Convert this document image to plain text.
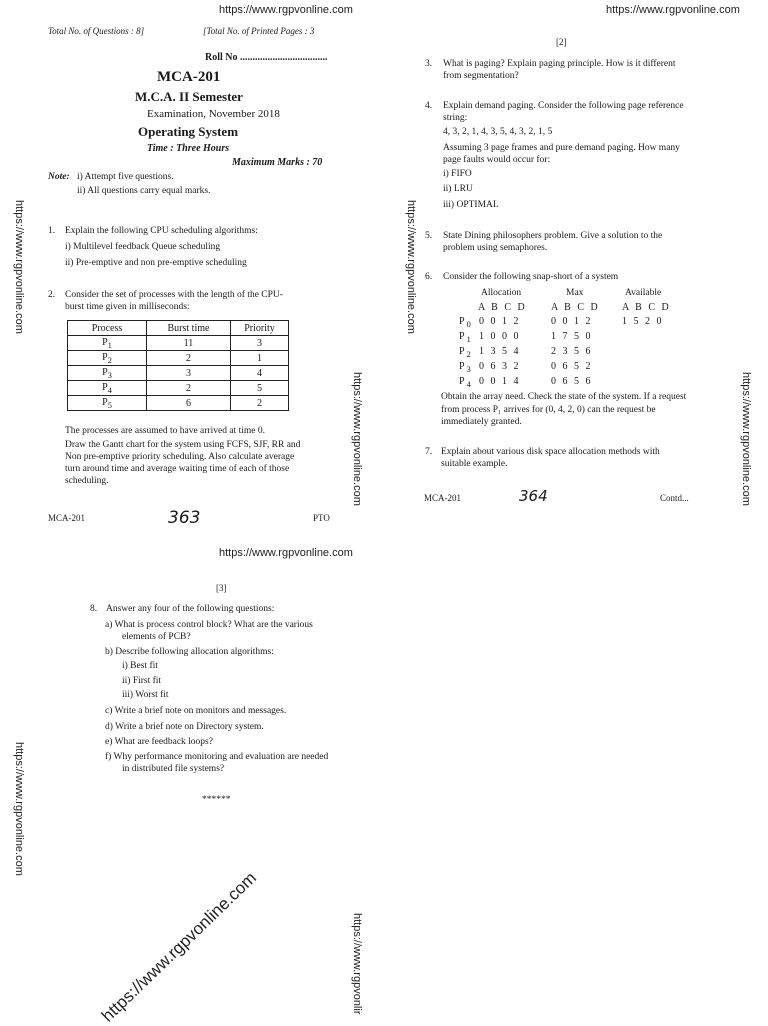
https://www.rgpvonline.com
Total No. of Questions : 8]	[Total No. of Printed Pages : 3
Roll No ...................................
MCA-201
M.C.A. II Semester
Examination, November 2018
Operating System
Time : Three Hours
Maximum Marks : 70
Note: i) Attempt five questions.
ii) All questions carry equal marks.
1. Explain the following CPU scheduling algorithms:
i) Multilevel feedback Queue scheduling
ii) Pre-emptive and non pre-emptive scheduling
2. Consider the set of processes with the length of the CPU-
burst time given in milliseconds:
Process	Burst time	Priority
$P_1$	11	3
$P_2$	2	1
$P_3$	3	4
$P_4$	2	5
$P_5$	6	2
The processes are assumed to have arrived at time 0.
Draw the Gantt chart for the system using FCFS, SJF, RR and
Non pre-emptive priority scheduling. Also calculate average
turn around time and average waiting time of each of those
scheduling.
MCA-201	363	PTO
https://www.rgpvonline.com
[2]
3. What is paging? Explain paging principle. How is it different
from segmentation?
4. Explain demand paging. Consider the following page reference
string:
4, 3, 2, 1, 4, 3, 5, 4, 3, 2, 1, 5
Assuming 3 page frames and pure demand paging. How many
page faults would occur for:
i) FIFO
ii) LRU
iii) OPTIMAL
5. State Dining philosophers problem. Give a solution to the
problem using semaphores.
6. Consider the following snap-short of a system
Allocation	Max	Available
A B C D A B C D A B C D
$P_0$ 0 0 1 2	0 0 1 2	1 5 2 0
$P_1$ 1 0 0 0	1 7 5 0
$P_2$ 1 3 5 4	2 3 5 6
$P_3$ 0 6 3 2	0 6 5 2
$P_4$ 0 0 1 4	0 6 5 6
Obtain the array need. Check the state of the system. If a request
from process P₁ arrives for (0, 4, 2, 0) can the request be
immediately granted.
7. Explain about various disk space allocation methods with
suitable example.
MCA-201	364	Contd...
https://www.rgpvonline.com
[3]
8. Answer any four of the following questions:
a) What is process control block? What are the various
elements of PCB?
b) Describe following allocation algorithms:
i) Best fit
ii) First fit
iii) Worst fit
c) Write a brief note on monitors and messages.
d) Write a brief note on Directory system.
e) What are feedback loops?
f) Why performance monitoring and evaluation are needed
in distributed file systems?
******
https://www.rgpvonline.com	https://www.rgpvonline.com
https://www.rgpvonline.com	https://www.rgpvonline.com
https://www.rgpvonline.com
https://www.rgpvonlir
https://www.rgpvonline.com
